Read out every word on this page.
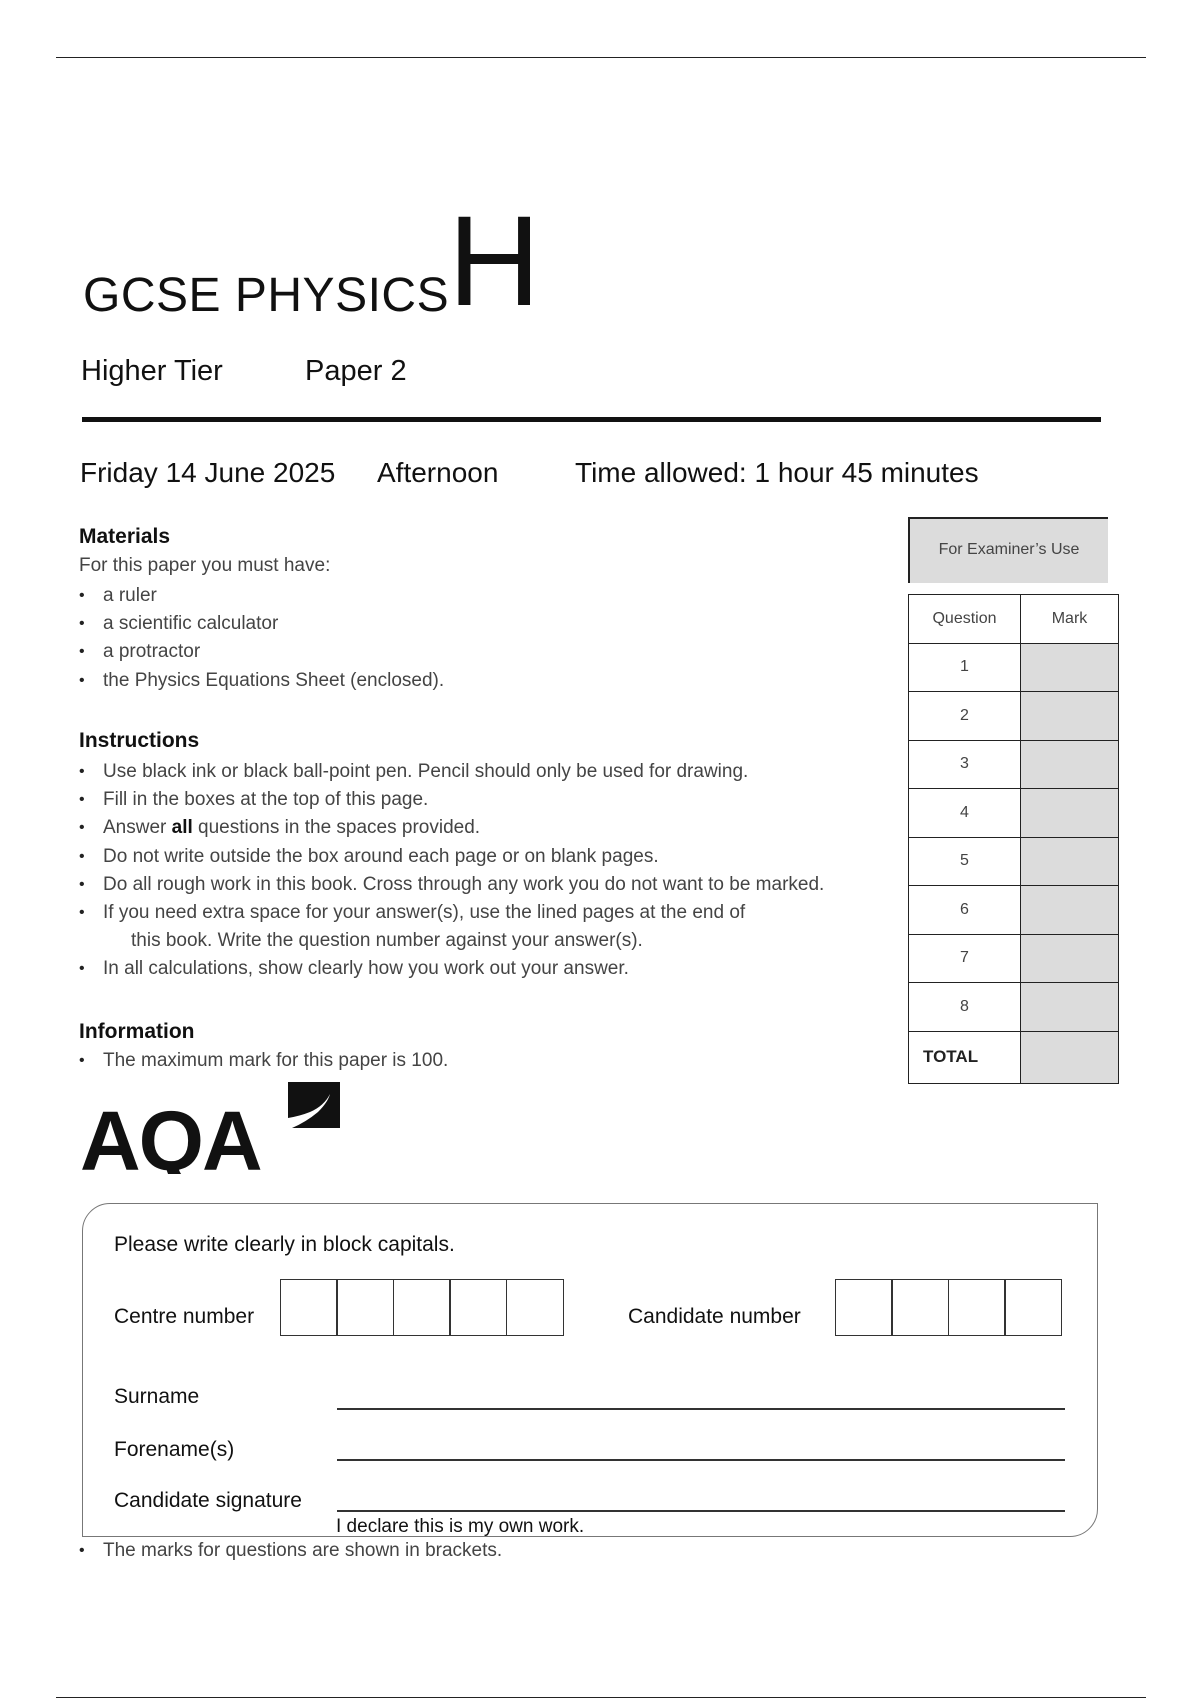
GCSE PHYSICS
H
Higher Tier	Paper 2
Friday 14 June 2025 Afternoon	Time allowed: 1 hour 45 minutes
Materials
For this paper you must have:
• a ruler
• a scientific calculator
• a protractor
• the Physics Equations Sheet (enclosed).
Instructions
• Use black ink or black ball-point pen. Pencil should only be used for drawing.
• Fill in the boxes at the top of this page.
• Answer all questions in the spaces provided.
• Do not write outside the box around each page or on blank pages.
• Do all rough work in this book. Cross through any work you do not want to be marked.
• If you need extra space for your answer(s), use the lined pages at the end of
this book. Write the question number against your answer(s).
• In all calculations, show clearly how you work out your answer.
Information
• The maximum mark for this paper is 100.
AQA
For Examiner’s Use
Question	Mark
1	
2	
3	
4	
5	
6	
7	
8	
TOTAL	
Please write clearly in block capitals.
Centre number	Candidate number
Surname
Forename(s)
Candidate signature
I declare this is my own work.
• The marks for questions are shown in brackets.
